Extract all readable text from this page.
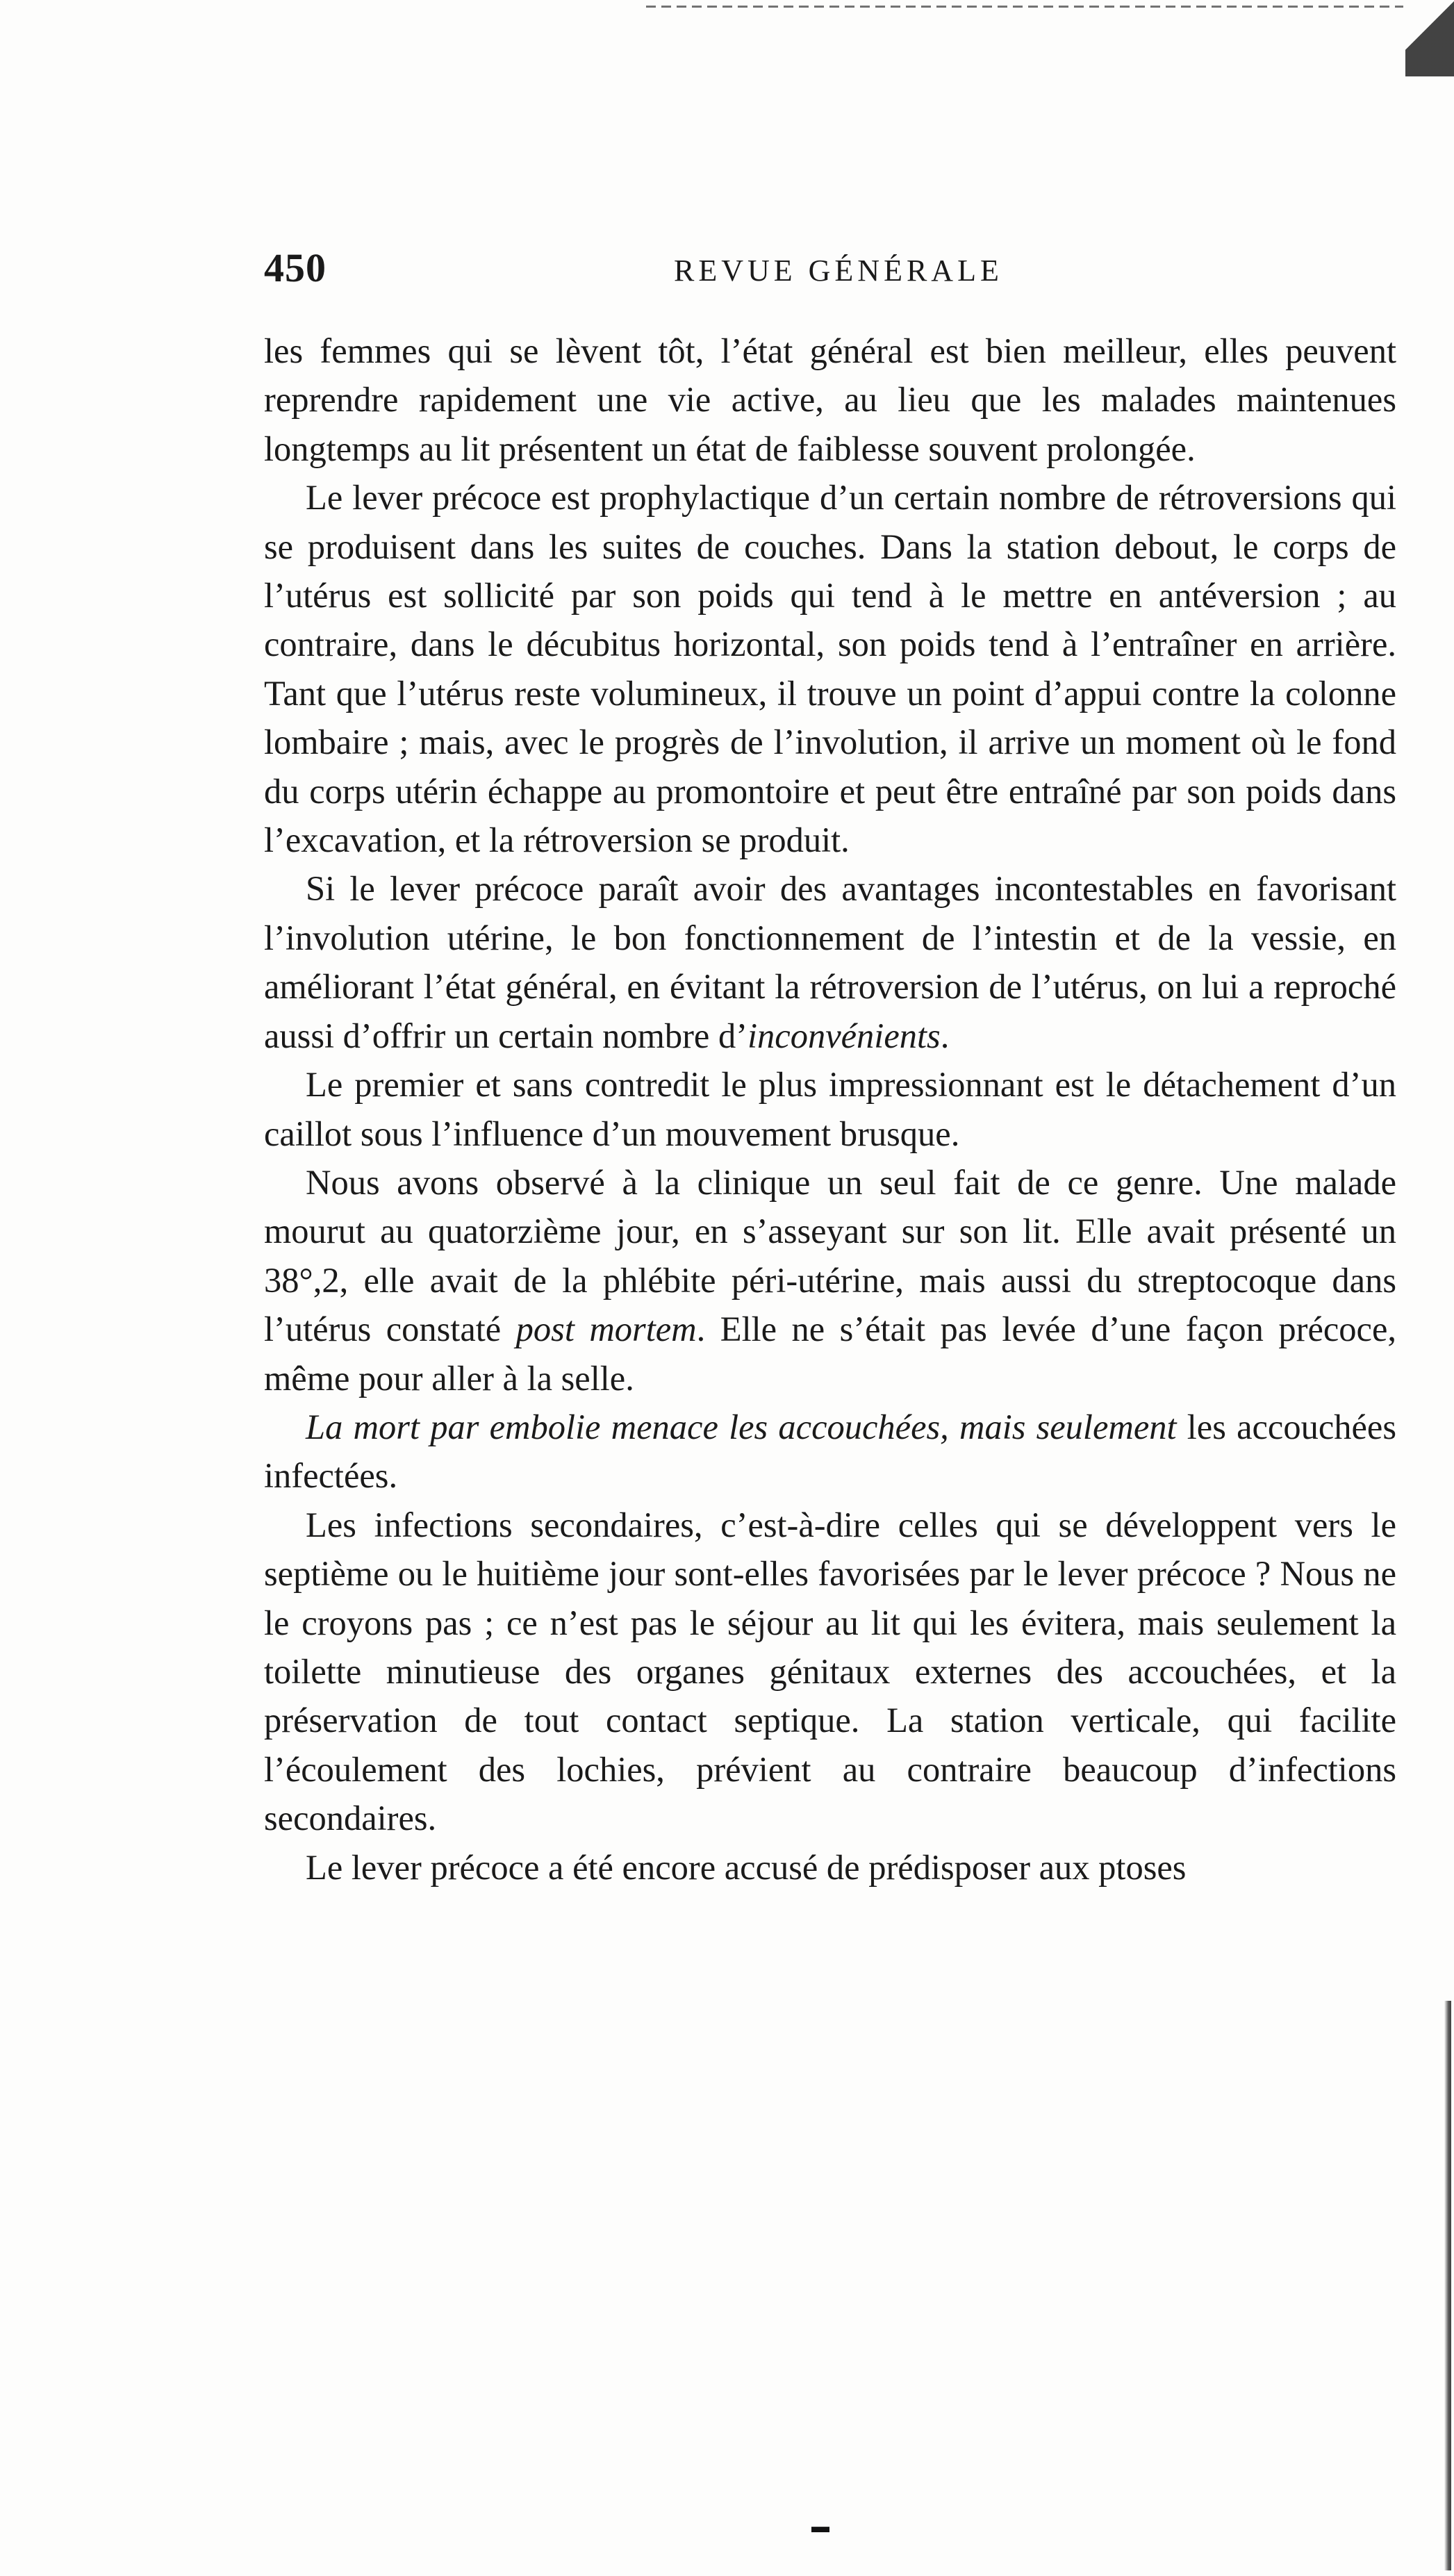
450	REVUE GÉNÉRALE

les femmes qui se lèvent tôt, l’état général est bien meilleur, elles peuvent reprendre rapidement une vie active, au lieu que les malades maintenues longtemps au lit présentent un état de faiblesse souvent prolongée.

Le lever précoce est prophylactique d’un certain nombre de rétroversions qui se produisent dans les suites de couches. Dans la station debout, le corps de l’utérus est sollicité par son poids qui tend à le mettre en antéversion ; au contraire, dans le décubitus horizontal, son poids tend à l’entraîner en arrière. Tant que l’utérus reste volumineux, il trouve un point d’appui contre la colonne lombaire ; mais, avec le progrès de l’involution, il arrive un moment où le fond du corps utérin échappe au promontoire et peut être entraîné par son poids dans l’excavation, et la rétroversion se produit.

Si le lever précoce paraît avoir des avantages incontestables en favorisant l’involution utérine, le bon fonctionnement de l’intestin et de la vessie, en améliorant l’état général, en évitant la rétroversion de l’utérus, on lui a reproché aussi d’offrir un certain nombre d’inconvénients.

Le premier et sans contredit le plus impressionnant est le détachement d’un caillot sous l’influence d’un mouvement brusque.

Nous avons observé à la clinique un seul fait de ce genre. Une malade mourut au quatorzième jour, en s’asseyant sur son lit. Elle avait présenté un 38°,2, elle avait de la phlébite péri-utérine, mais aussi du streptocoque dans l’utérus constaté post mortem. Elle ne s’était pas levée d’une façon précoce, même pour aller à la selle.

La mort par embolie menace les accouchées, mais seulement les accouchées infectées.

Les infections secondaires, c’est-à-dire celles qui se développent vers le septième ou le huitième jour sont-elles favorisées par le lever précoce ? Nous ne le croyons pas ; ce n’est pas le séjour au lit qui les évitera, mais seulement la toilette minutieuse des organes génitaux externes des accouchées, et la préservation de tout contact septique. La station verticale, qui facilite l’écoulement des lochies, prévient au contraire beaucoup d’infections secondaires.

Le lever précoce a été encore accusé de prédisposer aux ptoses

▬
